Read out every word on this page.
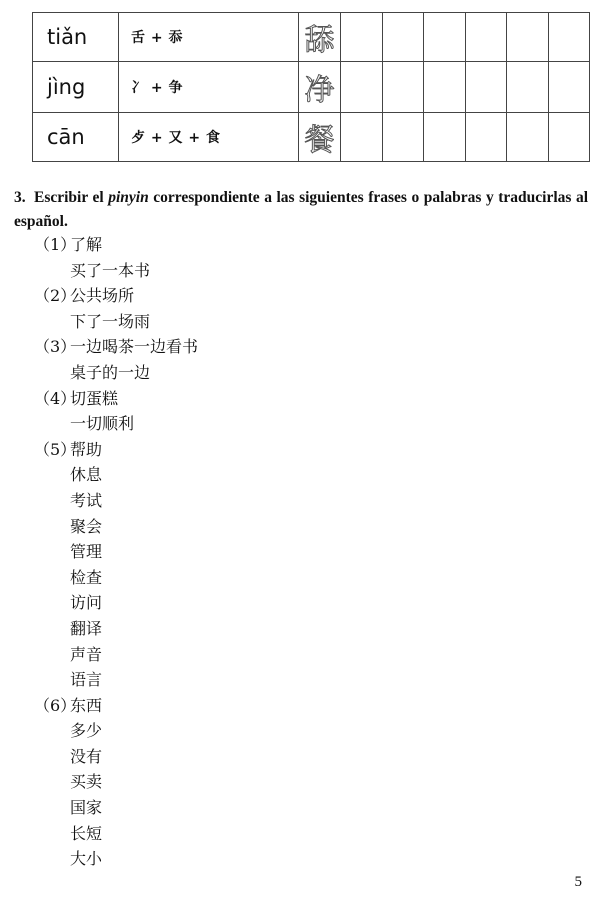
tiǎn	舌 + 忝	舔						
jìng	冫 + 争	净						
cān	歺 + 又 + 食	餐						
3. Escribir el pinyin correspondiente a las siguientes frases o palabras y traducirlas al español.
（1）了解
买了一本书
（2）公共场所
下了一场雨
（3）一边喝茶一边看书
桌子的一边
（4）切蛋糕
一切顺利
（5）帮助
休息
考试
聚会
管理
检查
访问
翻译
声音
语言
（6）东西
多少
没有
买卖
国家
长短
大小
5
